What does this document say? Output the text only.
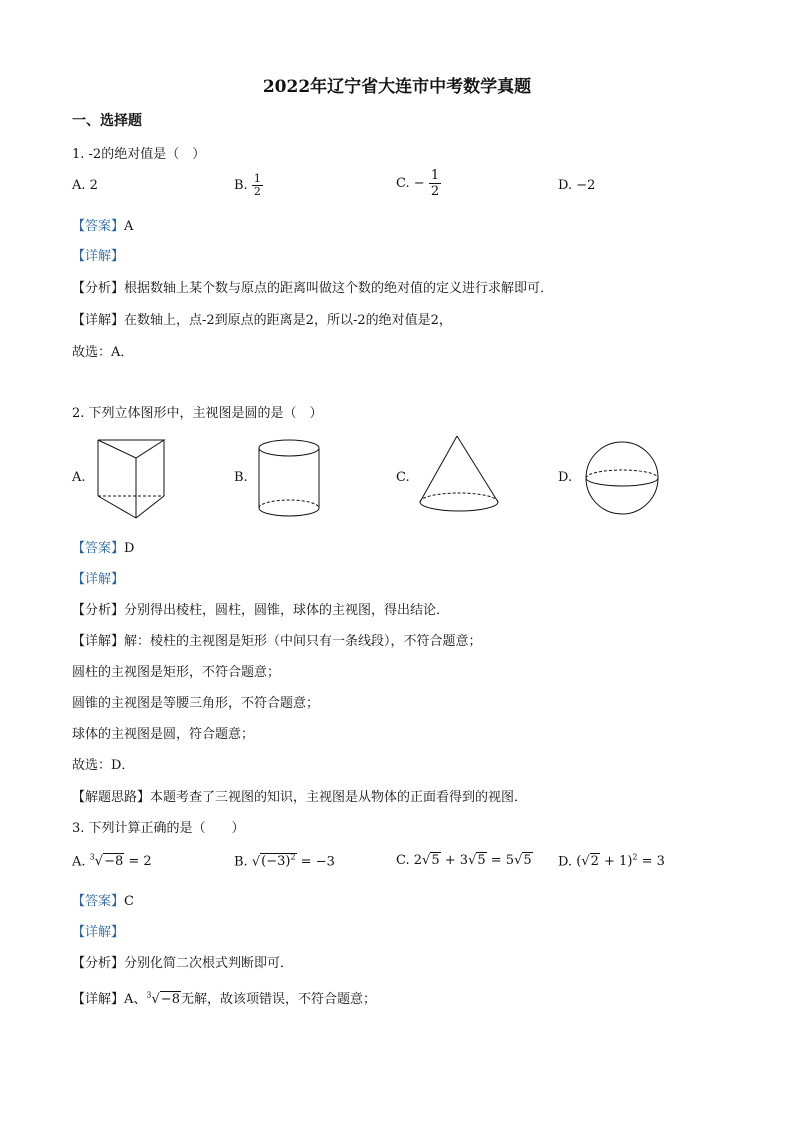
2022年辽宁省大连市中考数学真题
一、选择题
1. -2的绝对值是（　）
A. 2	B. $\frac{1}{2}$	C. − $\frac{1}{2}$	D. −2
【答案】A
【详解】
【分析】根据数轴上某个数与原点的距离叫做这个数的绝对值的定义进行求解即可．
【详解】在数轴上，点-2到原点的距离是2，所以-2的绝对值是2，
故选：A．
2. 下列立体图形中，主视图是圆的是（　）
A.	B.	C.	D.
【答案】D
【详解】
【分析】分别得出棱柱，圆柱，圆锥，球体的主视图，得出结论．
【详解】解：棱柱的主视图是矩形（中间只有一条线段），不符合题意；
圆柱的主视图是矩形，不符合题意；
圆锥的主视图是等腰三角形，不符合题意；
球体的主视图是圆，符合题意；
故选：D．
【解题思路】本题考查了三视图的知识，主视图是从物体的正面看得到的视图．
3. 下列计算正确的是（　　）
A. $^3$√−8 = 2	B. $√(-3)^2 = -3$	C. 2√5 + 3√5 = 5√5 D. $(√2 + 1)^2 = 3$
【答案】C
【详解】
【分析】分别化简二次根式判断即可．
【详解】A、$^3$√−8无解，故该项错误，不符合题意；
